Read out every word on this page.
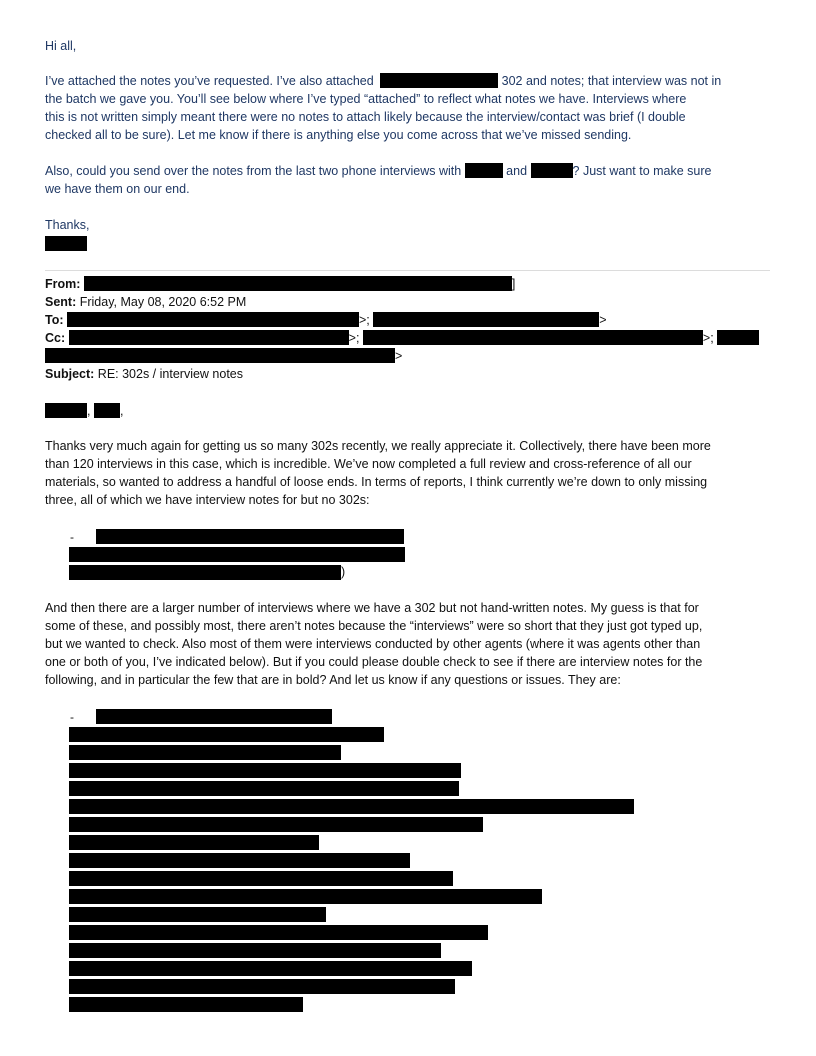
Hi all,
I’ve attached the notes you’ve requested. I’ve also attached	302 and notes; that interview was not in
the batch we gave you. You’ll see below where I’ve typed “attached” to reflect what notes we have. Interviews where
this is not written simply meant there were no notes to attach likely because the interview/contact was brief (I double
checked all to be sure). Let me know if there is anything else you come across that we’ve missed sending.
Also, could you send over the notes from the last two phone interviews with	and	? Just want to make sure
we have them on our end.
Thanks,
From:	]
Sent: Friday, May 08, 2020 6:52 PM
To:	>;	>
Cc:	>;	>;
>
Subject: RE: 302s / interview notes
, ,
Thanks very much again for getting us so many 302s recently, we really appreciate it. Collectively, there have been more
than 120 interviews in this case, which is incredible. We’ve now completed a full review and cross-reference of all our
materials, so wanted to address a handful of loose ends. In terms of reports, I think currently we’re down to only missing
three, all of which we have interview notes for but no 302s:
-
)
And then there are a larger number of interviews where we have a 302 but not hand-written notes. My guess is that for
some of these, and possibly most, there aren’t notes because the “interviews” were so short that they just got typed up,
but we wanted to check. Also most of them were interviews conducted by other agents (where it was agents other than
one or both of you, I’ve indicated below). But if you could please double check to see if there are interview notes for the
following, and in particular the few that are in bold? And let us know if any questions or issues. They are:
-
